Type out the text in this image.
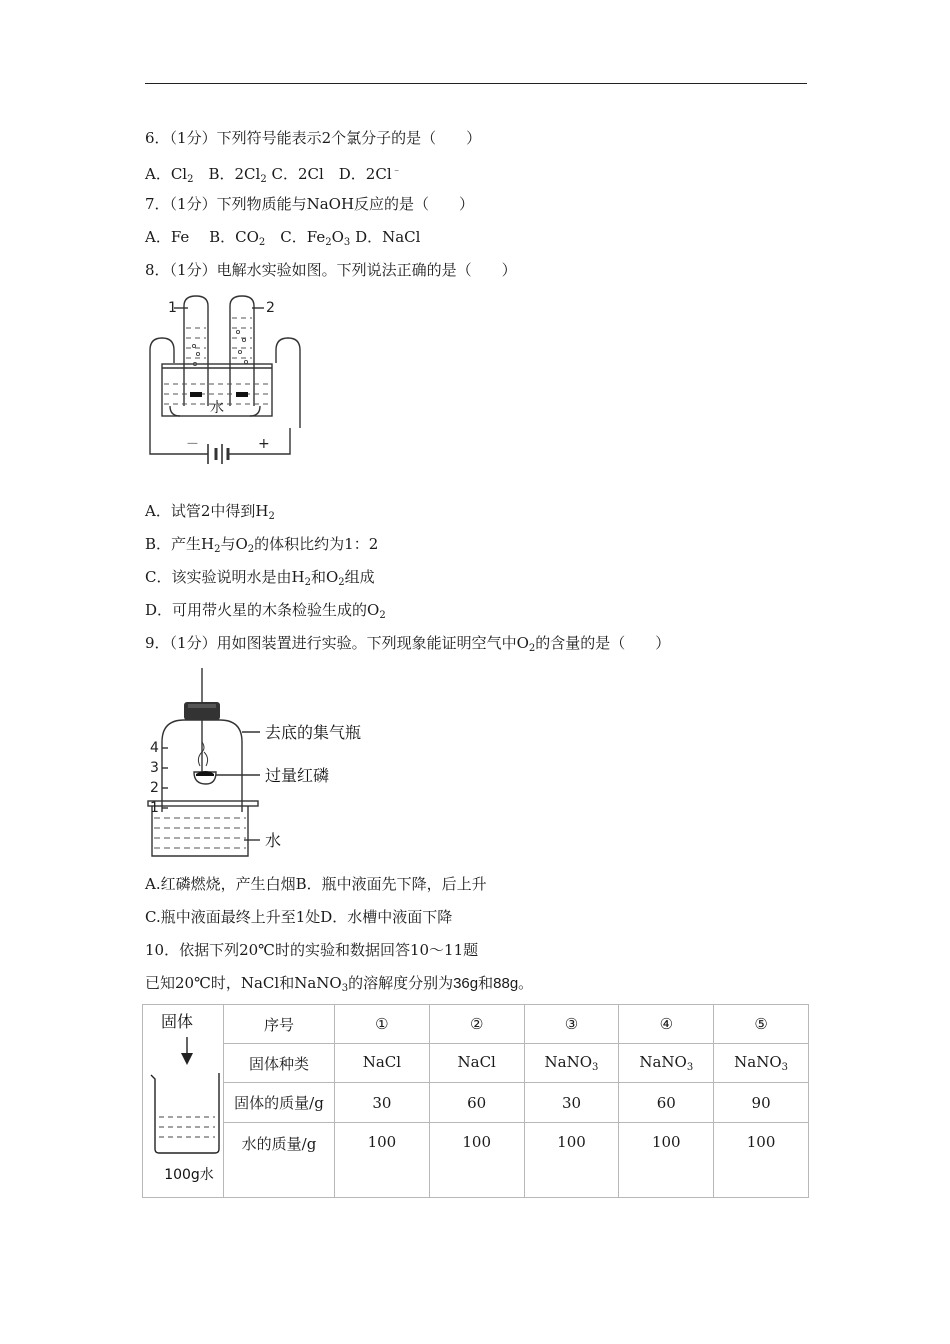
6．（1分）下列符号能表示2个氯分子的是（　　）
A．$Cl_2$　B．$2Cl_2$ C．2Cl　D．2Cl﹣
7．（1分）下列物质能与NaOH反应的是（　　）
A．Fe　 B．$CO_2$　C．$Fe_2O_3$ D．NaCl
8．（1分）电解水实验如图。下列说法正确的是（　　）
1	2
水
－	+
A．试管2中得到$H_2$
B．产生$H_2$与$O_2$的体积比约为1：2
C．该实验说明水是由$H_2$和$O_2$组成
D．可用带火星的木条检验生成的$O_2$
9．（1分）用如图装置进行实验。下列现象能证明空气中$O_2$的含量的是（　　）
4
3
2
1
去底的集气瓶
过量红磷
水
A.红磷燃烧，产生白烟B．瓶中液面先下降，后上升
C.瓶中液面最终上升至1处D．水槽中液面下降
10．依据下列20℃时的实验和数据回答10～11题
已知20℃时，NaCl和NaNO$_3$的溶解度分别为36g和88g。
固体
100g水	序号	①	②	③	④	⑤
	固体种类	NaCl	NaCl	NaNO$_3$	NaNO$_3$	NaNO$_3$
	固体的质量/g	30	60	30	60	90
	水的质量/g	100	100	100	100	100
